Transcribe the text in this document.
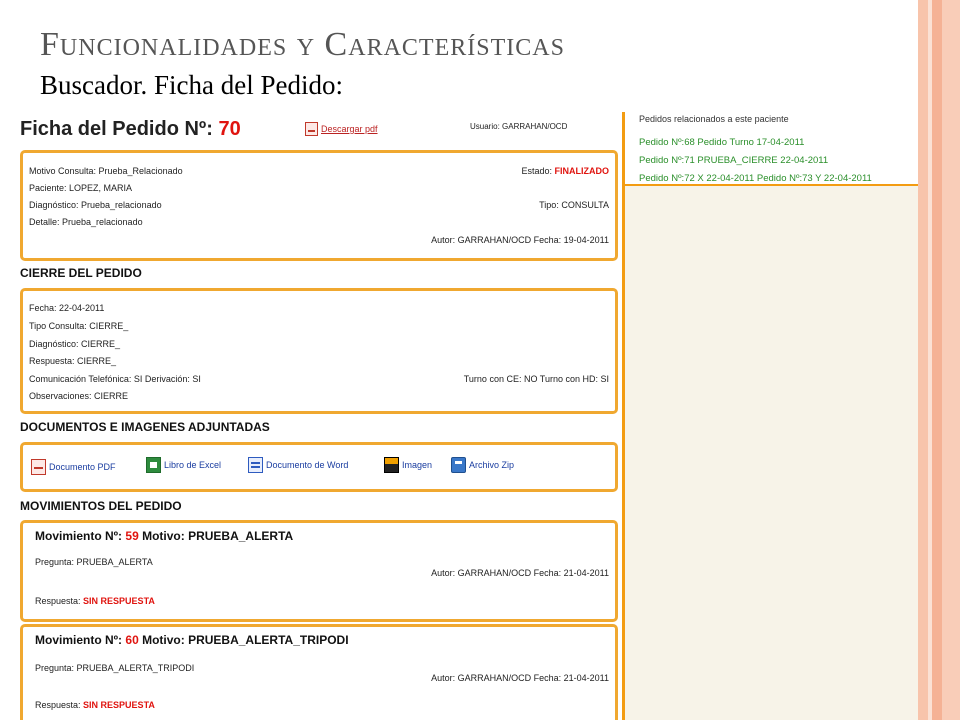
Funcionalidades y Características
Buscador. Ficha del Pedido:
Ficha del Pedido Nº: 70	Descargar pdf	Usuario: GARRAHAN/OCD
Motivo Consulta: Prueba_Relacionado	Estado: FINALIZADO
Paciente: LOPEZ, MARIA
Diagnóstico: Prueba_relacionado	Tipo: CONSULTA
Detalle: Prueba_relacionado
Autor: GARRAHAN/OCD Fecha: 19-04-2011
CIERRE DEL PEDIDO
Fecha: 22-04-2011
Tipo Consulta: CIERRE_
Diagnóstico: CIERRE_
Respuesta: CIERRE_
Comunicación Telefónica: SI Derivación: SI	Turno con CE: NO Turno con HD: SI
Observaciones: CIERRE
DOCUMENTOS E IMAGENES ADJUNTADAS
Documento PDF	Libro de Excel	Documento de Word	Imagen	Archivo Zip
MOVIMIENTOS DEL PEDIDO
Movimiento Nº: 59 Motivo: PRUEBA_ALERTA
Pregunta: PRUEBA_ALERTA
Autor: GARRAHAN/OCD Fecha: 21-04-2011
Respuesta: SIN RESPUESTA
Movimiento Nº: 60 Motivo: PRUEBA_ALERTA_TRIPODI
Pregunta: PRUEBA_ALERTA_TRIPODI
Autor: GARRAHAN/OCD Fecha: 21-04-2011
Respuesta: SIN RESPUESTA
Pedidos relacionados a este paciente
Pedido Nº:68 Pedido Turno 17-04-2011
Pedido Nº:71 PRUEBA_CIERRE 22-04-2011
Pedido Nº:72 X 22-04-2011 Pedido Nº:73 Y 22-04-2011
